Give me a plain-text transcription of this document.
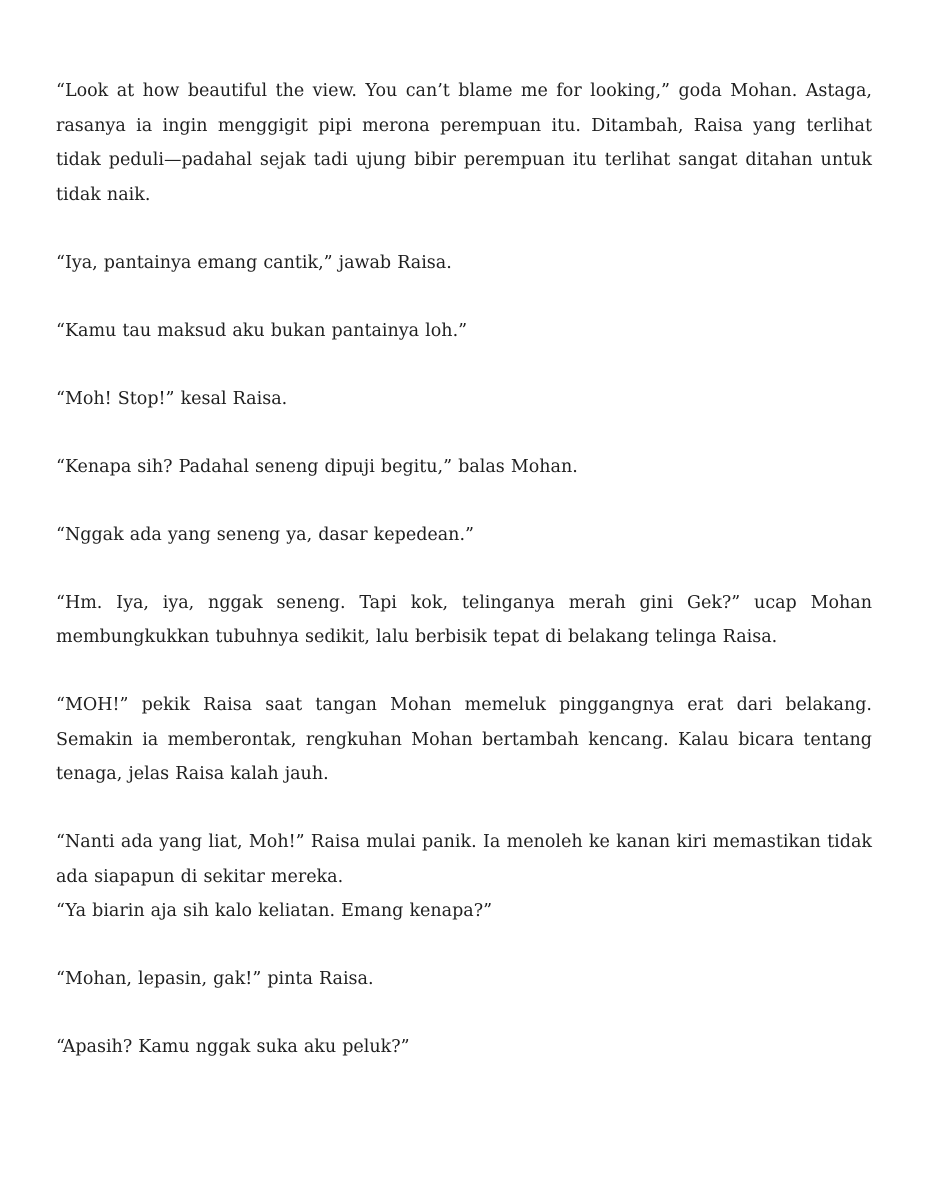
“Look at how beautiful the view. You can’t blame me for looking,” goda Mohan. Astaga, rasanya ia ingin menggigit pipi merona perempuan itu. Ditambah, Raisa yang terlihat tidak peduli—padahal sejak tadi ujung bibir perempuan itu terlihat sangat ditahan untuk tidak naik.

“Iya, pantainya emang cantik,” jawab Raisa.

“Kamu tau maksud aku bukan pantainya loh.”

“Moh! Stop!” kesal Raisa.

“Kenapa sih? Padahal seneng dipuji begitu,” balas Mohan.

“Nggak ada yang seneng ya, dasar kepedean.”

“Hm. Iya, iya, nggak seneng. Tapi kok, telinganya merah gini Gek?” ucap Mohan membungkukkan tubuhnya sedikit, lalu berbisik tepat di belakang telinga Raisa.

“MOH!” pekik Raisa saat tangan Mohan memeluk pinggangnya erat dari belakang. Semakin ia memberontak, rengkuhan Mohan bertambah kencang. Kalau bicara tentang tenaga, jelas Raisa kalah jauh.

“Nanti ada yang liat, Moh!” Raisa mulai panik. Ia menoleh ke kanan kiri memastikan tidak ada siapapun di sekitar mereka.

“Ya biarin aja sih kalo keliatan. Emang kenapa?”

“Mohan, lepasin, gak!” pinta Raisa.

“Apasih? Kamu nggak suka aku peluk?”
